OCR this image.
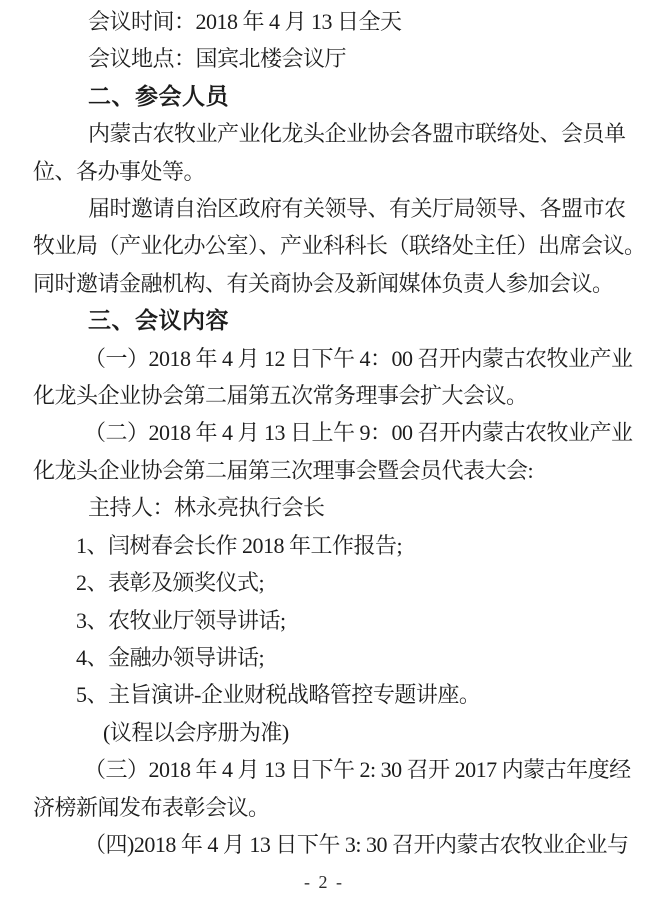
会议时间：2018 年 4 月 13 日全天
会议地点：国宾北楼会议厅
二、参会人员
内蒙古农牧业产业化龙头企业协会各盟市联络处、会员单
位、各办事处等。
届时邀请自治区政府有关领导、有关厅局领导、各盟市农
牧业局（产业化办公室）、产业科科长（联络处主任）出席会议。
同时邀请金融机构、有关商协会及新闻媒体负责人参加会议。
三、会议内容
（一）2018 年 4 月 12 日下午 4：00 召开内蒙古农牧业产业
化龙头企业协会第二届第五次常务理事会扩大会议。
（二）2018 年 4 月 13 日上午 9：00 召开内蒙古农牧业产业
化龙头企业协会第二届第三次理事会暨会员代表大会:
主持人：林永亮执行会长
1、闫树春会长作 2018 年工作报告;
2、表彰及颁奖仪式;
3、农牧业厅领导讲话;
4、金融办领导讲话;
5、主旨演讲-企业财税战略管控专题讲座。
(议程以会序册为准)
（三）2018 年 4 月 13 日下午 2: 30 召开 2017 内蒙古年度经
济榜新闻发布表彰会议。
（四)2018 年 4 月 13 日下午 3: 30 召开内蒙古农牧业企业与
- 2 -
